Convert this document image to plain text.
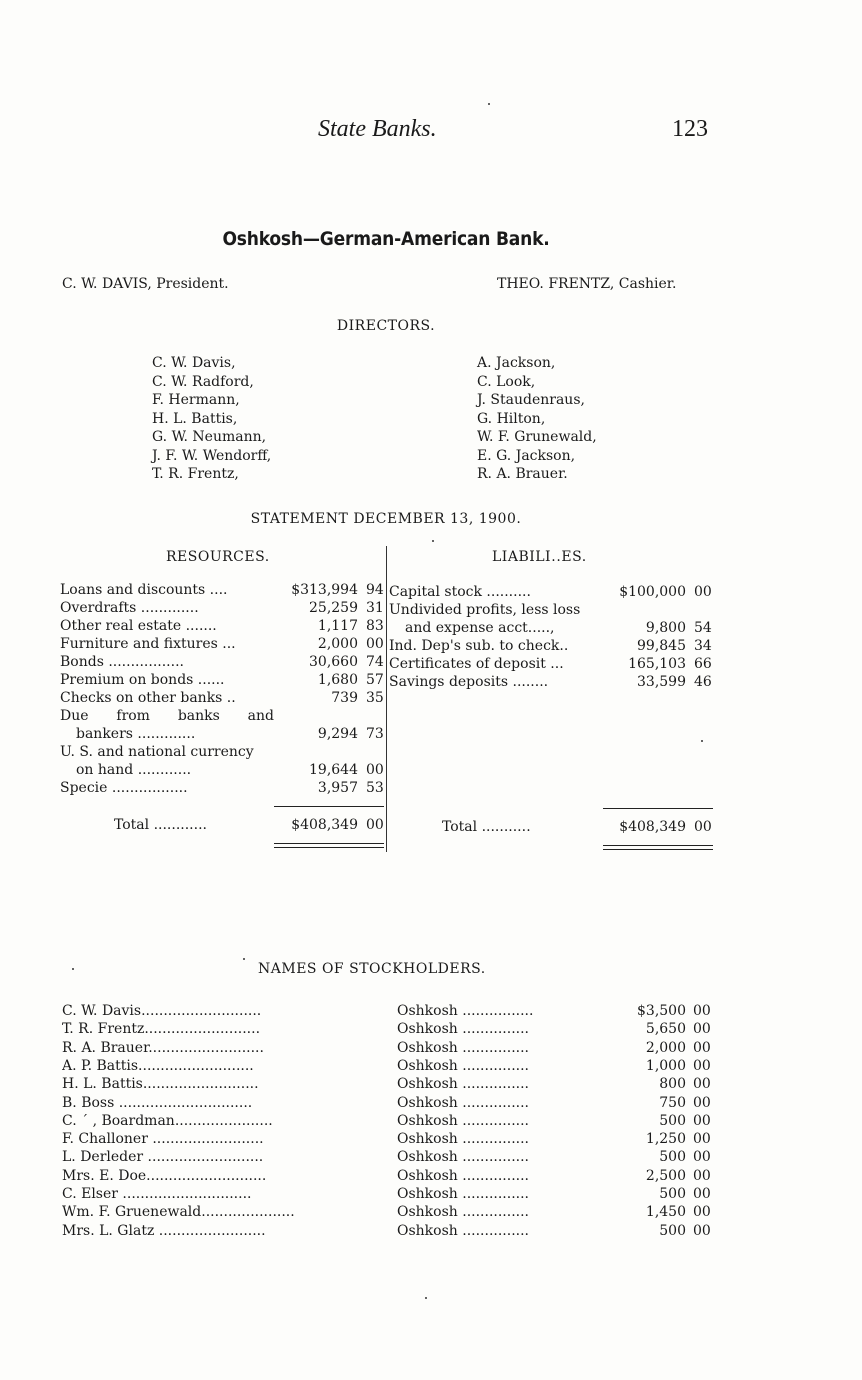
State Banks.	123
Oshkosh—German-American Bank.
C. W. DAVIS, President.	THEO. FRENTZ, Cashier.
DIRECTORS.
C. W. Davis,
C. W. Radford,
F. Hermann,
H. L. Battis,
G. W. Neumann,
J. F. W. Wendorff,
T. R. Frentz,
A. Jackson,
C. Look,
J. Staudenraus,
G. Hilton,
W. F. Grunewald,
E. G. Jackson,
R. A. Brauer.
STATEMENT DECEMBER 13, 1900.
RESOURCES.	LIABILI․․ES.
Loans and discounts ....	$313,994 94
Overdrafts .............	25,259 31
Other real estate .......	1,117 83
Furniture and fixtures ...	2,000 00
Bonds .................	30,660 74
Premium on bonds ......	1,680 57
Checks on other banks ..	739 35
Due from banks and
bankers .............	9,294 73
U. S. and national currency
on hand ............	19,644 00
Specie .................	3,957 53
Capital stock ..........	$100,000 00
Undivided profits, less loss
and expense acct.....,	9,800 54
Ind. Dep's sub. to check..	99,845 34
Certificates of deposit ...	165,103 66
Savings deposits ........	33,599 46
Total ............	$408,349 00	Total ..........․	$408,349 00
NAMES OF STOCKHOLDERS.
C. W. Davis...........................	Oshkosh ................	$3,500 00
T. R. Frentz..........................	Oshkosh ...............	5,650 00
R. A. Brauer..........................	Oshkosh ...............	2,000 00
A. P. Battis..........................	Oshkosh ...............	1,000 00
H. L. Battis..........................	Oshkosh ...............	800 00
B. Boss ..............................	Oshkosh ...............	750 00
C. ´ , Boardman......................	Oshkosh ...............	500 00
F. Challoner .........................	Oshkosh ...............	1,250 00
L. Derleder ..........................	Oshkosh ...............	500 00
Mrs. E. Doe...........................	Oshkosh ...............	2,500 00
C. Elser .............................	Oshkosh ...............	500 00
Wm. F. Gruenewald.....................	Oshkosh ...............	1,450 00
Mrs. L. Glatz ........................	Oshkosh ...............	500 00
